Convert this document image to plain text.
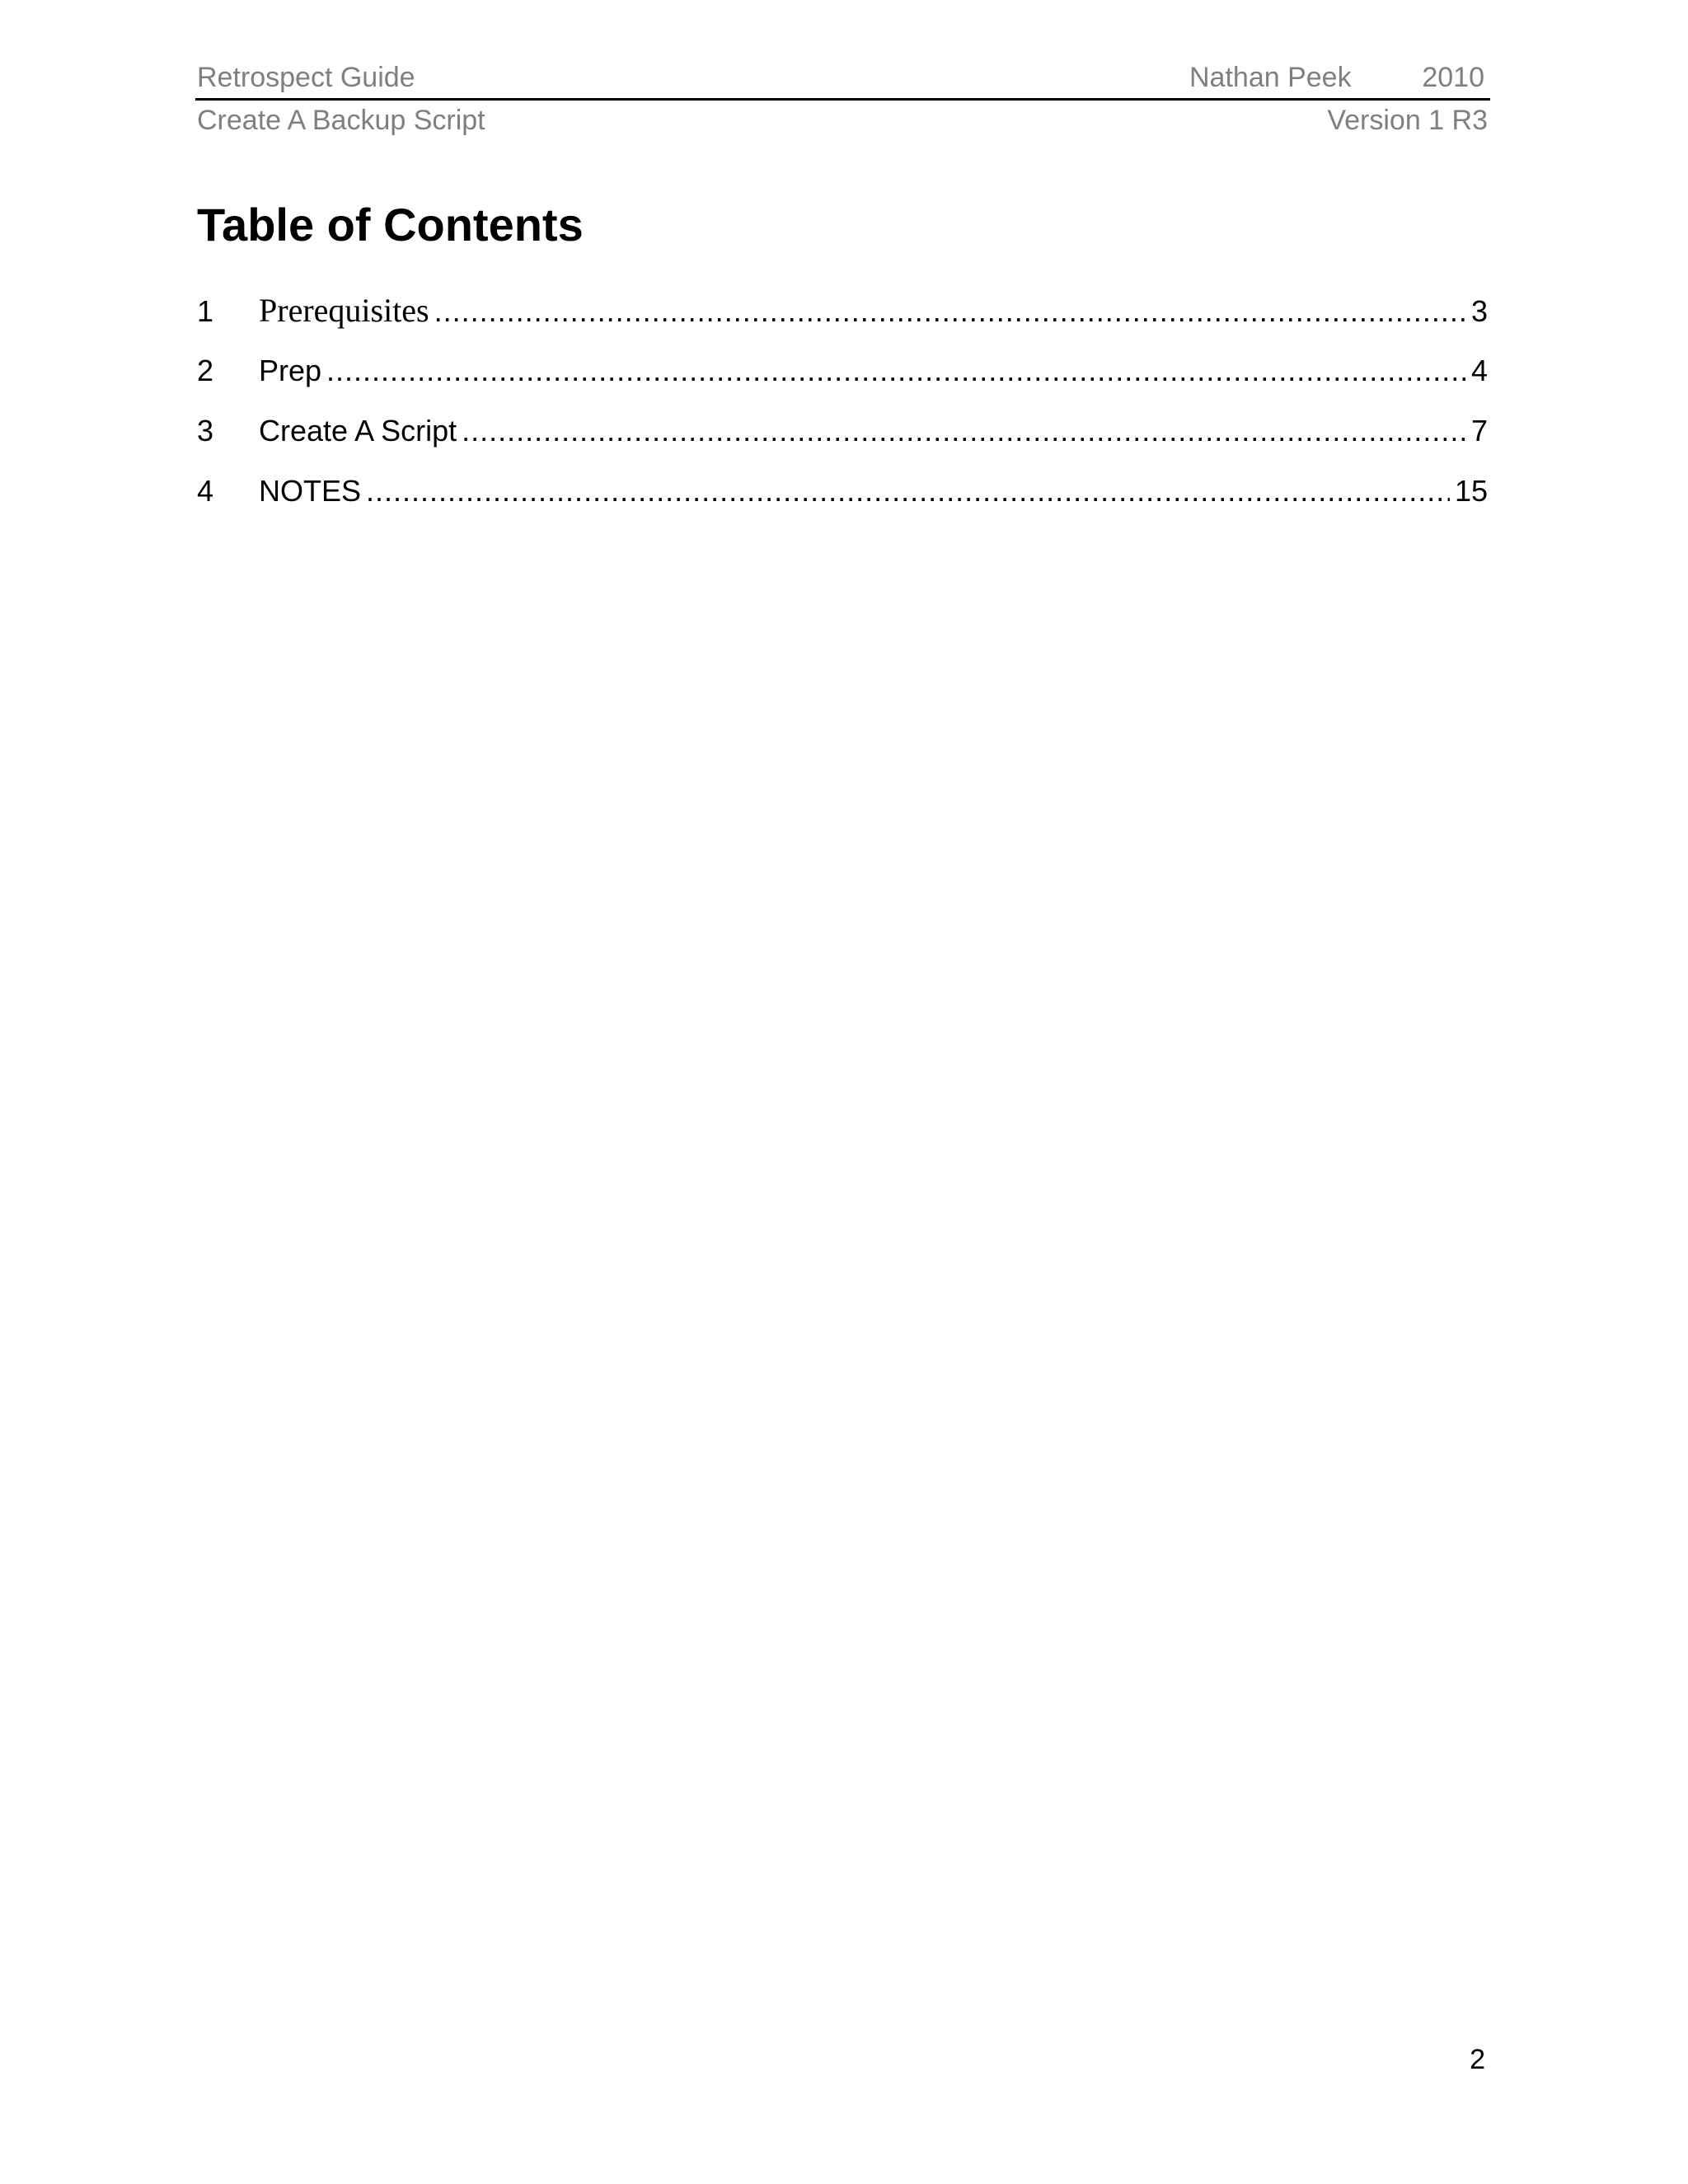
Retrospect Guide	Nathan Peek	2010
Create A Backup Script	Version 1 R3
Table of Contents
1	Prerequisites .....	3
2	Prep .....	4
3	Create A Script .....	7
4	NOTES .....	15
2
